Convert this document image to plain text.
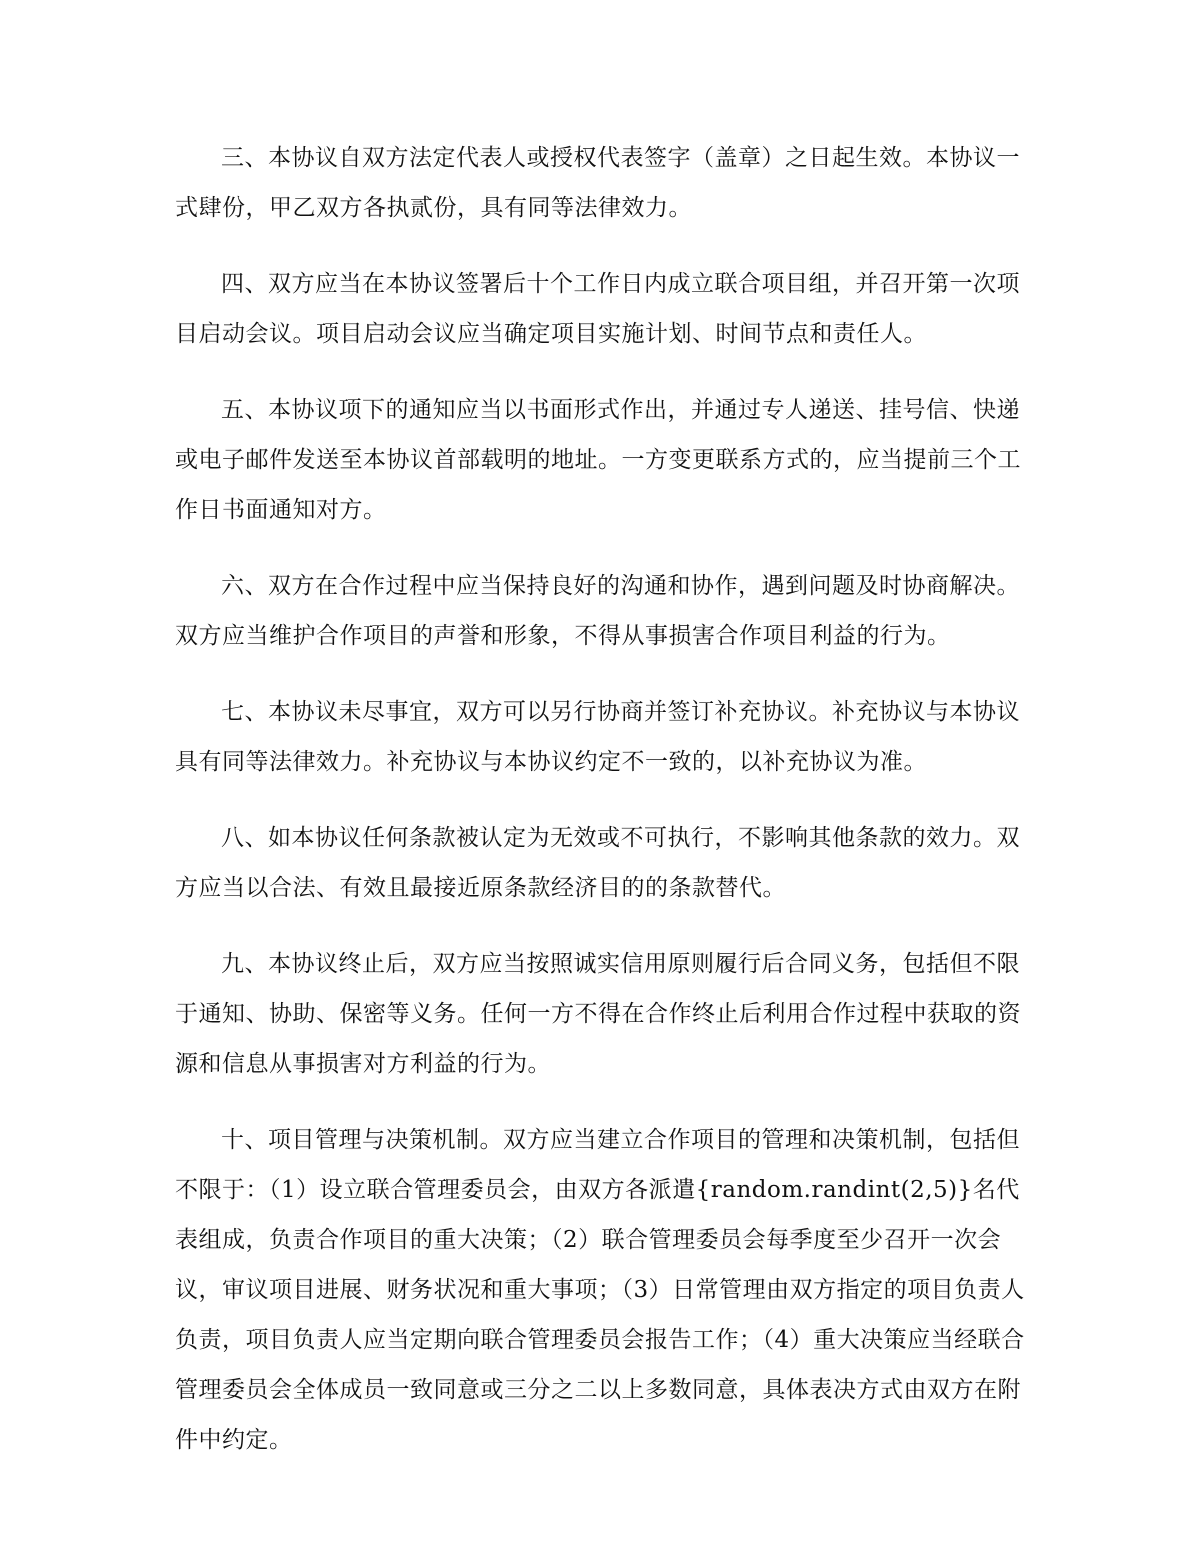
三、本协议自双方法定代表人或授权代表签字（盖章）之日起生效。本协议一式肆份，甲乙双方各执贰份，具有同等法律效力。

四、双方应当在本协议签署后十个工作日内成立联合项目组，并召开第一次项目启动会议。项目启动会议应当确定项目实施计划、时间节点和责任人。

五、本协议项下的通知应当以书面形式作出，并通过专人递送、挂号信、快递或电子邮件发送至本协议首部载明的地址。一方变更联系方式的，应当提前三个工作日书面通知对方。

六、双方在合作过程中应当保持良好的沟通和协作，遇到问题及时协商解决。双方应当维护合作项目的声誉和形象，不得从事损害合作项目利益的行为。

七、本协议未尽事宜，双方可以另行协商并签订补充协议。补充协议与本协议具有同等法律效力。补充协议与本协议约定不一致的，以补充协议为准。

八、如本协议任何条款被认定为无效或不可执行，不影响其他条款的效力。双方应当以合法、有效且最接近原条款经济目的的条款替代。

九、本协议终止后，双方应当按照诚实信用原则履行后合同义务，包括但不限于通知、协助、保密等义务。任何一方不得在合作终止后利用合作过程中获取的资源和信息从事损害对方利益的行为。

十、项目管理与决策机制。双方应当建立合作项目的管理和决策机制，包括但不限于：（1）设立联合管理委员会，由双方各派遣{random.randint(2,5)}名代表组成，负责合作项目的重大决策；（2）联合管理委员会每季度至少召开一次会议，审议项目进展、财务状况和重大事项；（3）日常管理由双方指定的项目负责人负责，项目负责人应当定期向联合管理委员会报告工作；（4）重大决策应当经联合管理委员会全体成员一致同意或三分之二以上多数同意，具体表决方式由双方在附件中约定。
